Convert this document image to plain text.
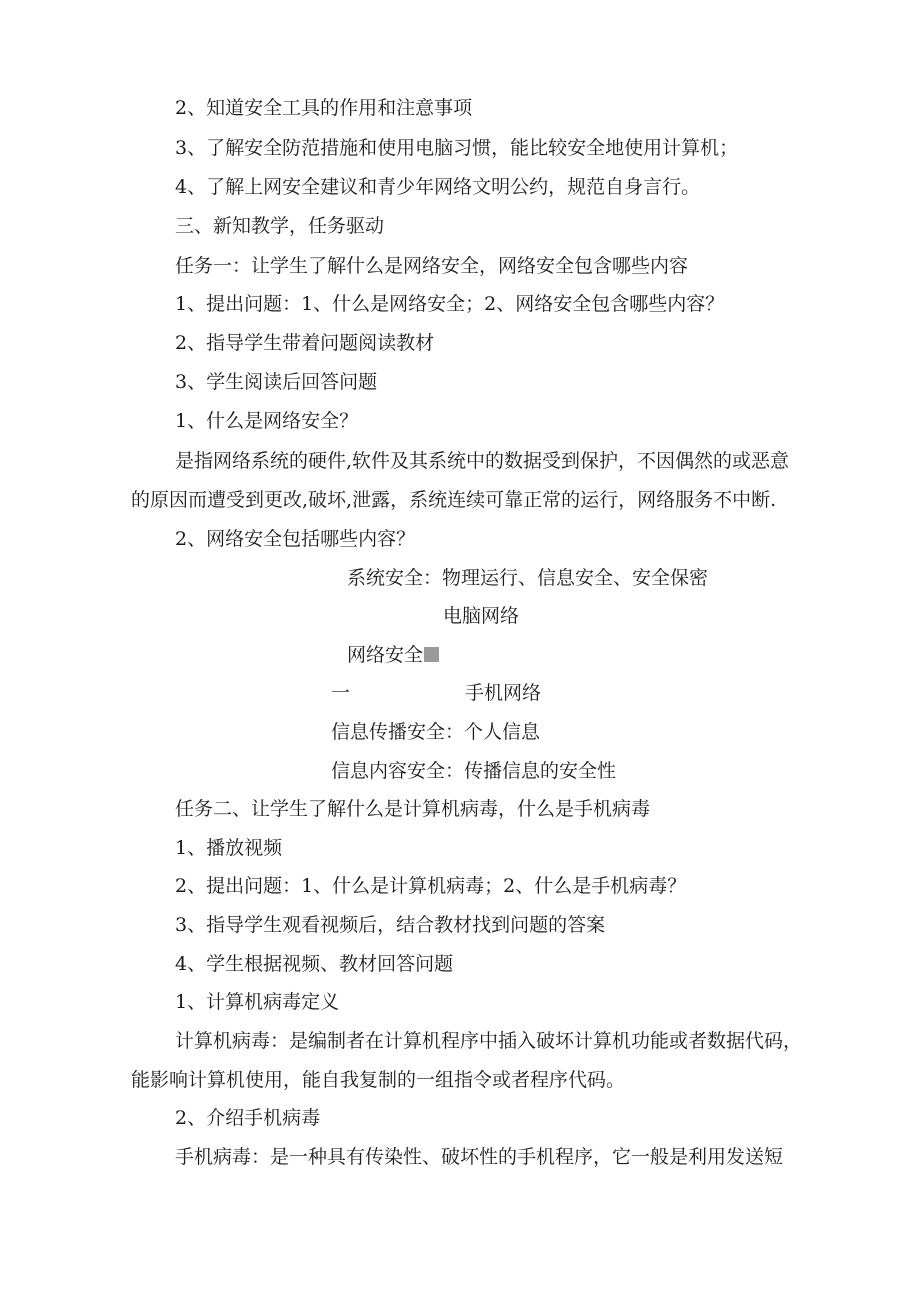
2、知道安全工具的作用和注意事项
3、了解安全防范措施和使用电脑习惯，能比较安全地使用计算机；
4、了解上网安全建议和青少年网络文明公约，规范自身言行。
三、新知教学，任务驱动
任务一：让学生了解什么是网络安全，网络安全包含哪些内容
1、提出问题：1、什么是网络安全；2、网络安全包含哪些内容？
2、指导学生带着问题阅读教材
3、学生阅读后回答问题
1、什么是网络安全？
是指网络系统的硬件,软件及其系统中的数据受到保护，不因偶然的或恶意
的原因而遭受到更改,破坏,泄露，系统连续可靠正常的运行，网络服务不中断.
2、网络安全包括哪些内容？
系统安全：物理运行、信息安全、安全保密
电脑网络
网络安全
一	手机网络
信息传播安全：个人信息
信息内容安全：传播信息的安全性
任务二、让学生了解什么是计算机病毒，什么是手机病毒
1、播放视频
2、提出问题：1、什么是计算机病毒；2、什么是手机病毒？
3、指导学生观看视频后，结合教材找到问题的答案
4、学生根据视频、教材回答问题
1、计算机病毒定义
计算机病毒：是编制者在计算机程序中插入破坏计算机功能或者数据代码，
能影响计算机使用，能自我复制的一组指令或者程序代码。
2、介绍手机病毒
手机病毒：是一种具有传染性、破坏性的手机程序，它一般是利用发送短
